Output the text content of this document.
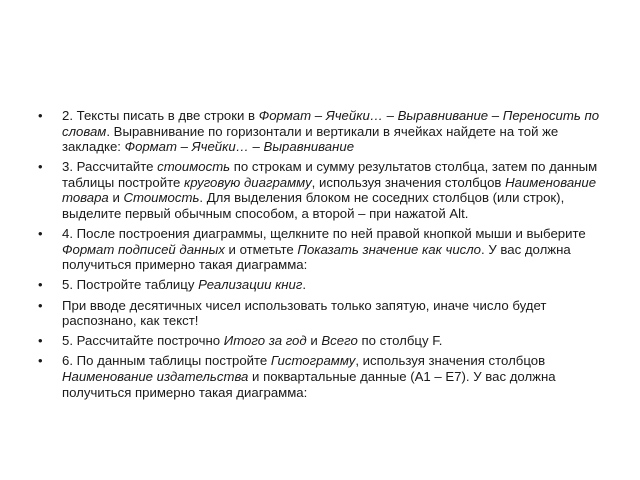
• 2. Тексты писать в две строки в Формат – Ячейки… – Выравнивание – Переносить по словам. Выравнивание по горизонтали и вертикали в ячейках найдете на той же закладке: Формат – Ячейки… – Выравнивание
• 3. Рассчитайте стоимость по строкам и сумму результатов столбца, затем по данным таблицы постройте круговую диаграмму, используя значения столбцов Наименование товара и Стоимость. Для выделения блоком не соседних столбцов (или строк), выделите первый обычным способом, а второй – при нажатой Alt.
• 4. После построения диаграммы, щелкните по ней правой кнопкой мыши и выберите Формат подписей данных и отметьте Показать значение как число. У вас должна получиться примерно такая диаграмма:
• 5. Постройте таблицу Реализации книг.
• При вводе десятичных чисел использовать только запятую, иначе число будет распознано, как текст!
• 5. Рассчитайте построчно Итого за год и Всего по столбцу F.
• 6. По данным таблицы постройте Гистограмму, используя значения столбцов Наименование издательства и поквартальные данные (A1 – E7). У вас должна получиться примерно такая диаграмма:
